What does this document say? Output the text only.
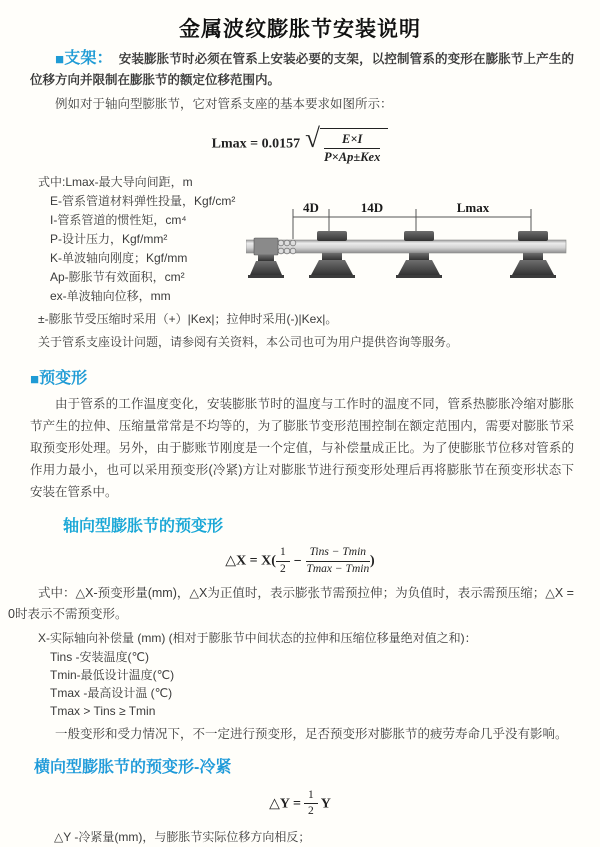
金属波纹膨胀节安装说明

■支架： 安装膨胀节时必须在管系上安装必要的支架，以控制管系的变形在膨胀节上产生的位移方向并限制在膨胀节的额定位移范围内。

例如对于轴向型膨胀节，它对管系支座的基本要求如图所示：

Lmax = 0.0157 √ $\frac{E\times I}{\text{P×Ap±Kex}}$
式中:Lmax-最大导向间距，m
E-管系管道材料弹性投量，Kgf/cm²
I-管系管道的惯性矩，cm⁴
P-设计压力，Kgf/mm²
K-单波轴向刚度；Kgf/mm
Ap-膨胀节有效面积，cm²
ex-单波轴向位移，mm
4D	14D	Lmax
±-膨胀节受压缩时采用（+）|Kex|；拉伸时采用(-)|Kex|。
关于管系支座设计问题，请参阅有关资料，本公司也可为用户提供咨询等服务。
■预变形

由于管系的工作温度变化，安装膨胀节时的温度与工作时的温度不同，管系热膨胀冷缩对膨胀节产生的拉伸、压缩量常常是不均等的，为了膨胀节变形范围控制在额定范围内，需要对膨胀节采取预变形处理。另外，由于膨账节刚度是一个定值，与补偿量成正比。为了使膨胀节位移对管系的作用力最小，也可以采用预变形(冷紧)方让对膨胀节进行预变形处理后再将膨胀节在预变形状态下安装在管系中。

轴向型膨胀节的预变形
△X = $X( \frac{1}{2} - \frac{\text{Tins − Tmin}}{Tmax - Tmin}$ )

式中：△X-预变形量(mm)，△X为正值时，表示膨张节需预拉伸；为负值时，表示需预压缩；△X = 0时表示不需预变形。

X-实际轴向补偿量 (mm) (相对于膨胀节中间状态的拉伸和压缩位移量绝对值之和)：
Tins -安装温度(℃)
Tmin-最低设计温度(℃)
Tmax -最高设计温 (℃)
Tmax > Tins ≥ Tmin

一般变形和受力情况下，不一定进行预变形，足否预变形对膨胀节的疲劳寿命几乎没有影响。

横向型膨胀节的预变形-冷紧
△Y = $\frac{1}{2}$ Y
△Y -冷紧量(mm)，与膨胀节实际位移方向相反；
